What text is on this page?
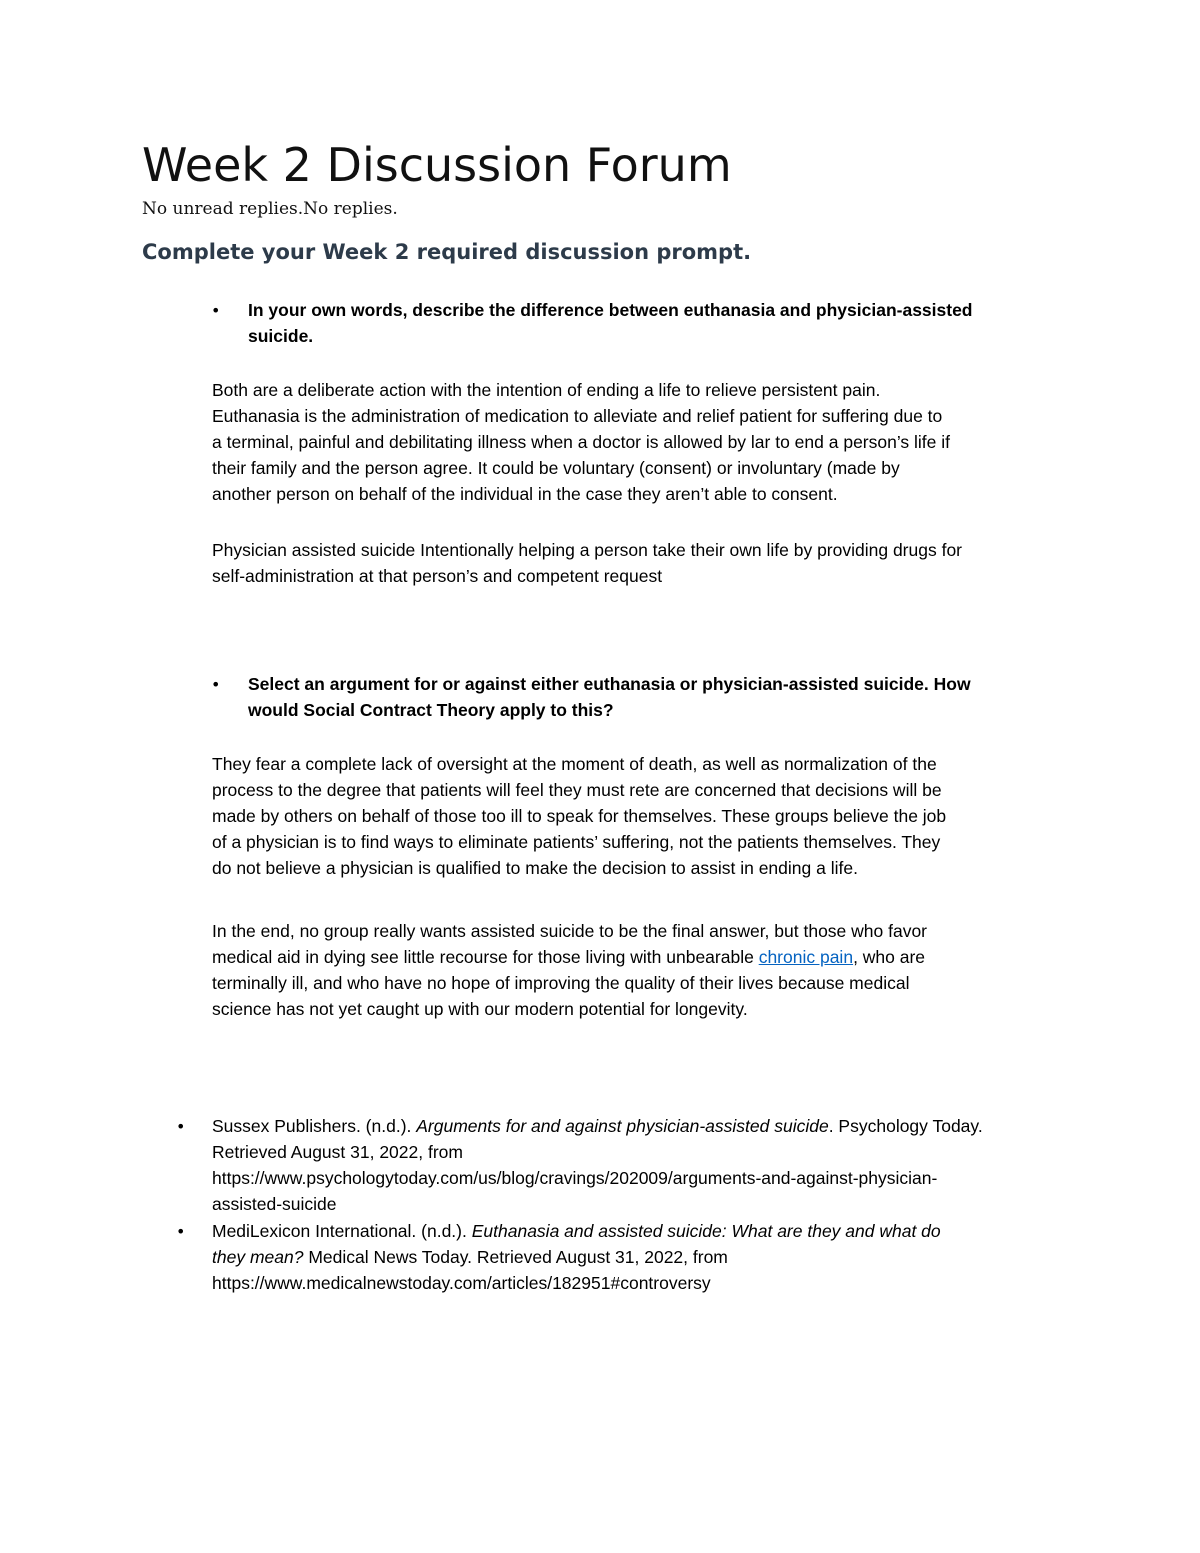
Week 2 Discussion Forum
No unread replies.No replies.
Complete your Week 2 required discussion prompt.
• In your own words, describe the difference between euthanasia and physician-assisted
suicide.
Both are a deliberate action with the intention of ending a life to relieve persistent pain.
Euthanasia is the administration of medication to alleviate and relief patient for suffering due to
a terminal, painful and debilitating illness when a doctor is allowed by lar to end a person’s life if
their family and the person agree. It could be voluntary (consent) or involuntary (made by
another person on behalf of the individual in the case they aren’t able to consent.
Physician assisted suicide Intentionally helping a person take their own life by providing drugs for
self-administration at that person’s and competent request
• Select an argument for or against either euthanasia or physician-assisted suicide. How
would Social Contract Theory apply to this?
They fear a complete lack of oversight at the moment of death, as well as normalization of the
process to the degree that patients will feel they must rete are concerned that decisions will be
made by others on behalf of those too ill to speak for themselves. These groups believe the job
of a physician is to find ways to eliminate patients’ suffering, not the patients themselves. They
do not believe a physician is qualified to make the decision to assist in ending a life.
In the end, no group really wants assisted suicide to be the final answer, but those who favor
medical aid in dying see little recourse for those living with unbearable chronic pain, who are
terminally ill, and who have no hope of improving the quality of their lives because medical
science has not yet caught up with our modern potential for longevity.
• Sussex Publishers. (n.d.). Arguments for and against physician-assisted suicide. Psychology Today.
Retrieved August 31, 2022, from
https://www.psychologytoday.com/us/blog/cravings/202009/arguments-and-against-physician-
assisted-suicide
• MediLexicon International. (n.d.). Euthanasia and assisted suicide: What are they and what do
they mean? Medical News Today. Retrieved August 31, 2022, from
https://www.medicalnewstoday.com/articles/182951#controversy
